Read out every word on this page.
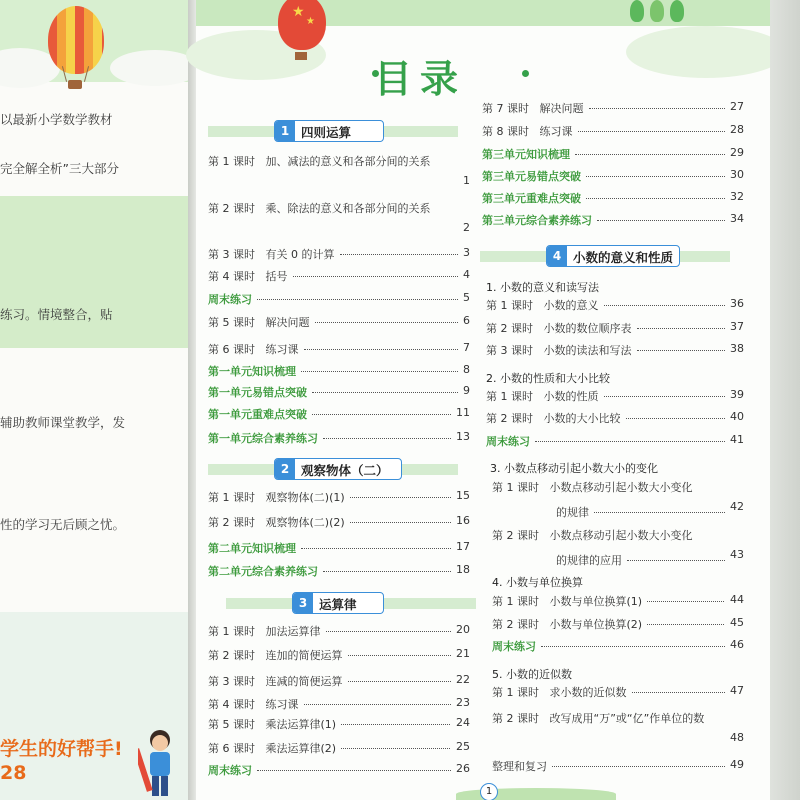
以最新小学数学教材
完全解全析”三大部分
练习。情境整合，贴
辅助教师课堂教学，发
性的学习无后顾之忧。
学生的好帮手!
28
★
★
目录
1 四则运算
第 1 课时 加、减法的意义和各部分间的关系
1
第 2 课时 乘、除法的意义和各部分间的关系
2
第 3 课时 有关 0 的计算	3
第 4 课时 括号	4
周末练习	5
第 5 课时 解决问题	6
第 6 课时 练习课	7
第一单元知识梳理	8
第一单元易错点突破	9
第一单元重难点突破	11
第一单元综合素养练习	13
第 1 课时 观察物体(二)(1)	15
第 2 课时 观察物体(二)(2)	16
第二单元知识梳理	17
第二单元综合素养练习	18
第 1 课时 加法运算律	20
第 2 课时 连加的简便运算	21
第 3 课时 连减的简便运算	22
第 4 课时 练习课	23
第 5 课时 乘法运算律(1)	24
第 6 课时 乘法运算律(2)	25
周末练习	26
2 观察物体（二）
3 运算律
第 7 课时 解决问题	27
第 8 课时 练习课	28
第三单元知识梳理	29
第三单元易错点突破	30
第三单元重难点突破	32
第三单元综合素养练习	34
第 1 课时 小数的意义	36
第 2 课时 小数的数位顺序表	37
第 3 课时 小数的读法和写法	38
第 1 课时 小数的性质	39
第 2 课时 小数的大小比较	40
周末练习	41
第 1 课时 小数点移动引起小数大小变化
的规律	42
第 2 课时 小数点移动引起小数大小变化
的规律的应用	43
第 1 课时 小数与单位换算(1)	44
第 2 课时 小数与单位换算(2)	45
周末练习	46
第 1 课时 求小数的近似数	47
第 2 课时 改写成用“万”或“亿”作单位的数
48
整理和复习	49
4 小数的意义和性质
1. 小数的意义和读写法
2. 小数的性质和大小比较
3. 小数点移动引起小数大小的变化
4. 小数与单位换算
5. 小数的近似数
1
